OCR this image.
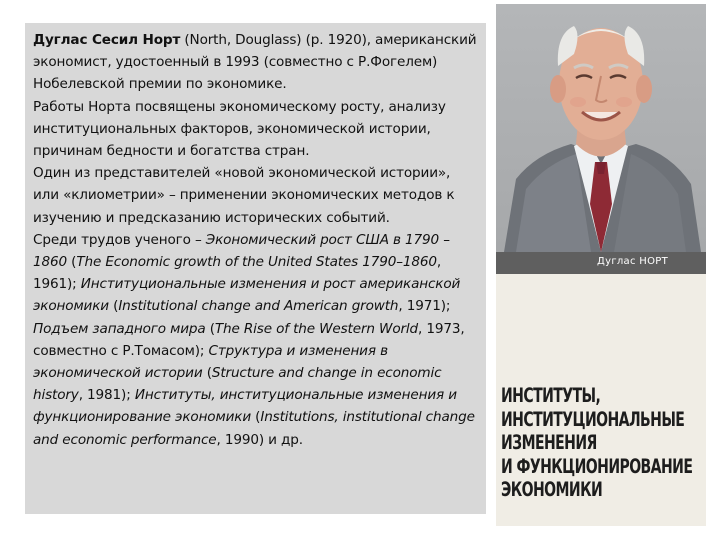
Дуглас Сесил Норт (North, Douglass) (р. 1920), американский экономист, удостоенный в 1993 (совместно с Р.Фогелем) Нобелевской премии по экономике.
Работы Норта посвящены экономическому росту, анализу институциональных факторов, экономической истории, причинам бедности и богатства стран.
Один из представителей «новой экономической истории», или «клиометрии» – применении экономических методов к изучению и предсказанию исторических событий.
Среди трудов ученого – Экономический рост США в 1790 –1860 (The Economic growth of the United States 1790–1860, 1961); Институциональные изменения и рост американской экономики (Institutional change and American growth, 1971); Подъем западного мира (The Rise of the Western World, 1973, совместно с Р.Томасом); Структура и изменения в экономической истории (Structure and change in economic history, 1981); Институты, институциональные изменения и функционирование экономики (Institutions, institutional change and economic performance, 1990) и др.

Дуглас НОРТ
ИНСТИТУТЫ,
ИНСТИТУЦИОНАЛЬНЫЕ
ИЗМЕНЕНИЯ
И ФУНКЦИОНИРОВАНИЕ
ЭКОНОМИКИ
